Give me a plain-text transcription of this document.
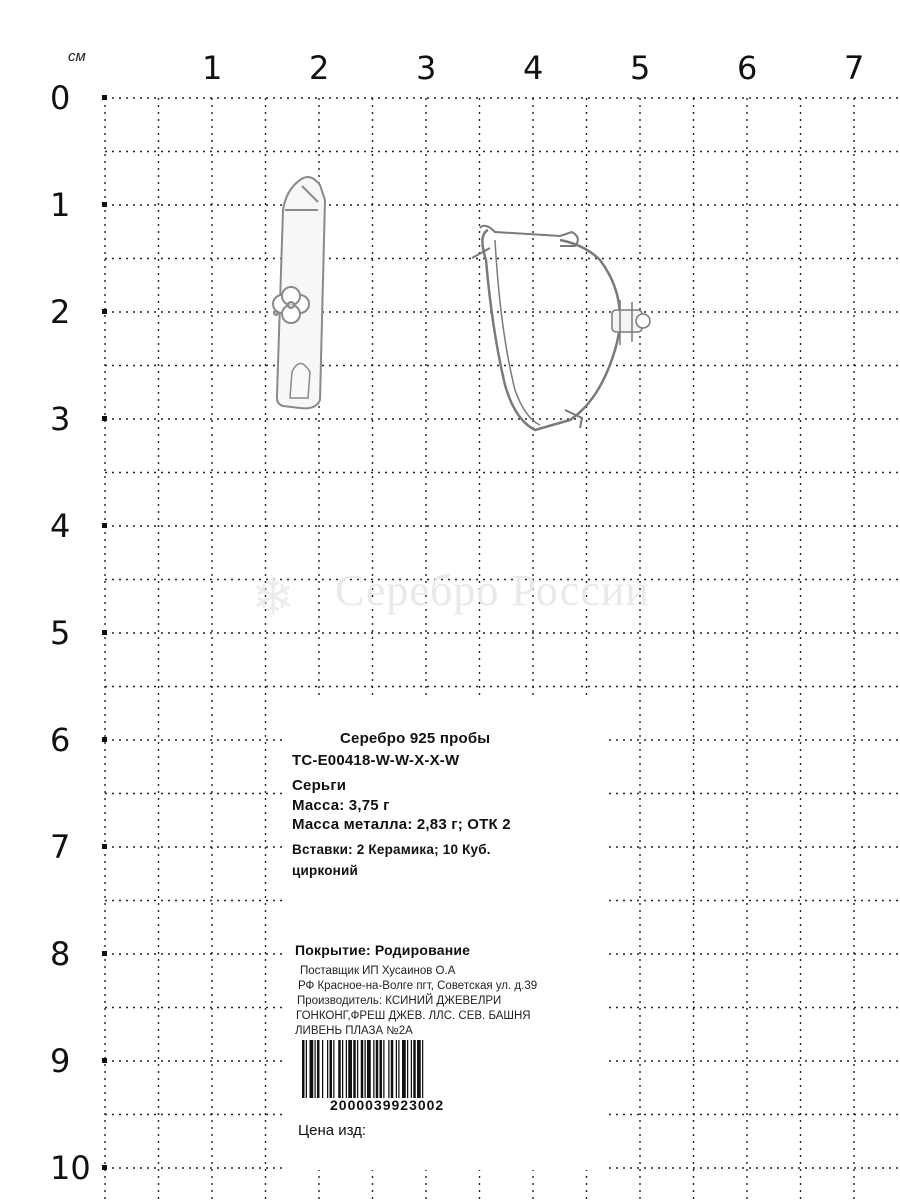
см	1	2	3	4	5	6	7
0
1
2
3
4
5
6
7
8
9
10
❄ Серебро России
Серебро 925 пробы
ТС-Е00418-W-W-X-X-W
Серьги
Масса: 3,75 г
Масса металла: 2,83 г; ОТК 2
Вставки: 2 Керамика; 10 Куб.
цирконий
Покрытие: Родирование
Поставщик ИП Хусаинов О.А
РФ Красное-на-Волге пгт, Советская ул. д.39
Производитель: КСИНИЙ ДЖЕВЕЛРИ
ГОНКОНГ,ФРЕШ ДЖЕВ. ЛЛС. СЕВ. БАШНЯ
ЛИВЕНЬ ПЛАЗА №2А
2000039923002
Цена изд:
